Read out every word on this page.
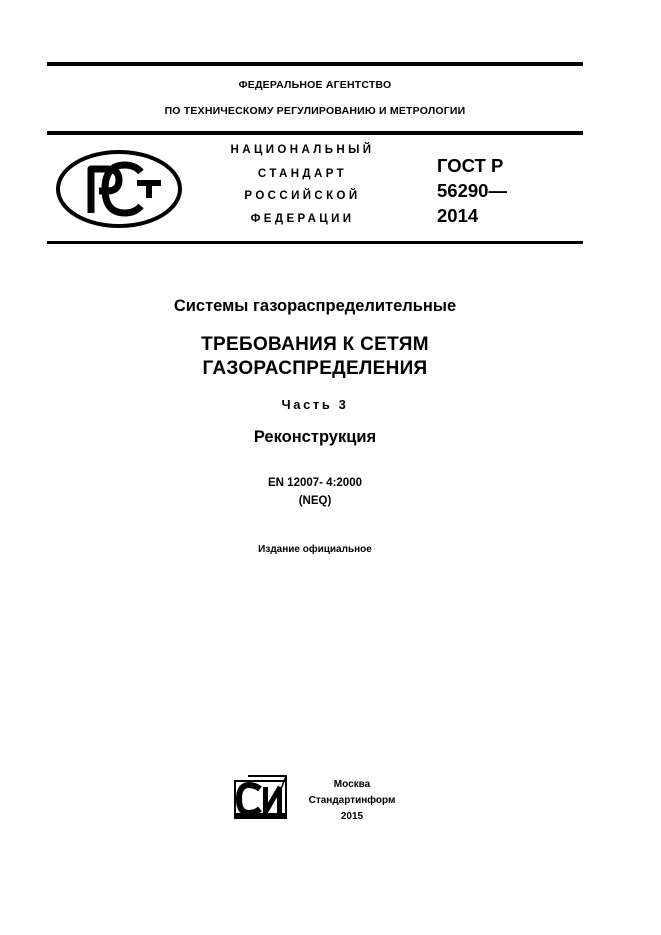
ФЕДЕРАЛЬНОЕ АГЕНТСТВО
ПО ТЕХНИЧЕСКОМУ РЕГУЛИРОВАНИЮ И МЕТРОЛОГИИ
НАЦИОНАЛЬНЫЙ
СТАНДАРТ
РОССИЙСКОЙ
ФЕДЕРАЦИИ
ГОСТ Р
56290—
2014
Системы газораспределительные
ТРЕБОВАНИЯ К СЕТЯМ
ГАЗОРАСПРЕДЕЛЕНИЯ
Часть 3
Реконструкция
EN 12007- 4:2000
(NEQ)
Издание официальное
Москва
Стандартинформ
2015
